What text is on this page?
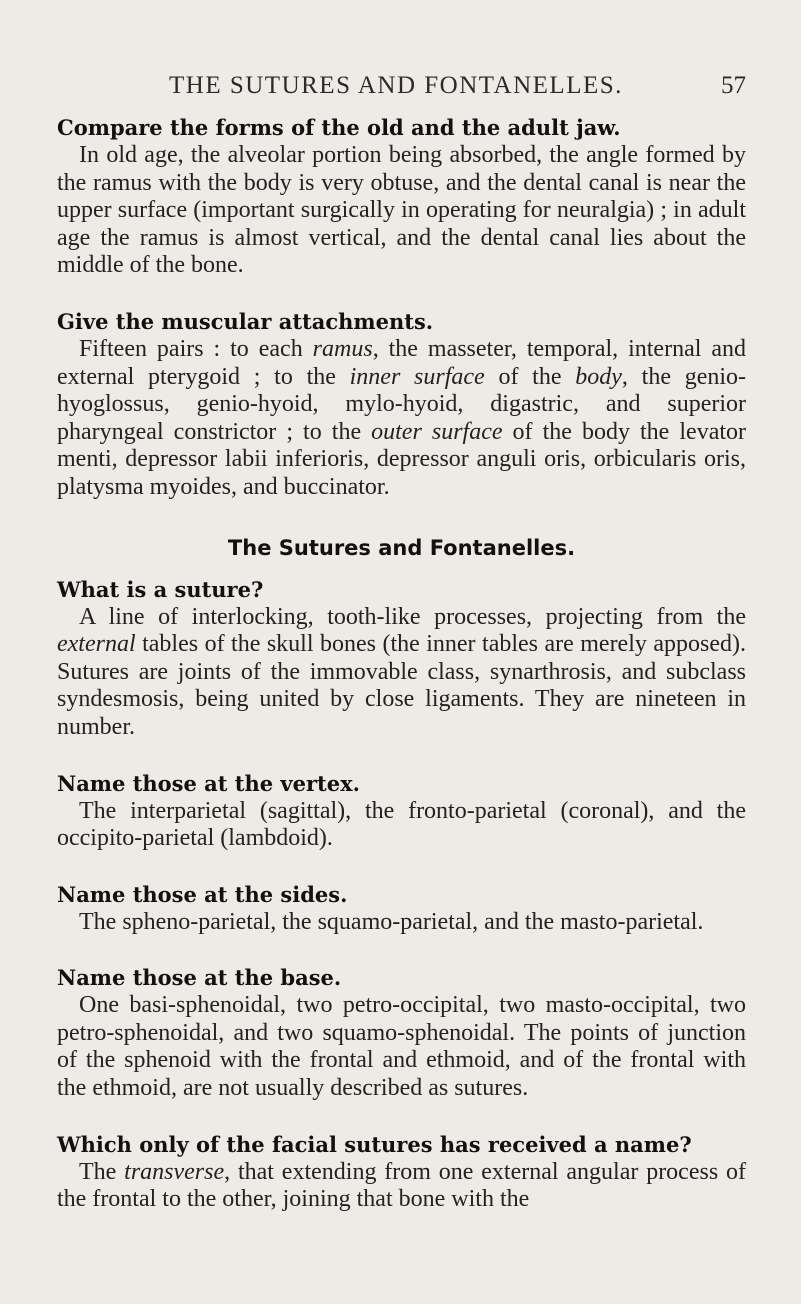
THE SUTURES AND FONTANELLES.	57

Compare the forms of the old and the adult jaw.

In old age, the alveolar portion being absorbed, the angle formed by the ramus with the body is very obtuse, and the dental canal is near the upper surface (important surgically in operating for neuralgia) ; in adult age the ramus is almost vertical, and the dental canal lies about the middle of the bone.

Give the muscular attachments.

Fifteen pairs : to each ramus, the masseter, temporal, internal and external pterygoid ; to the inner surface of the body, the genio-hyoglossus, genio-hyoid, mylo-hyoid, digastric, and superior pharyngeal constrictor ; to the outer surface of the body the levator menti, depressor labii inferioris, depressor anguli oris, orbicularis oris, platysma myoides, and buccinator.

The Sutures and Fontanelles.

What is a suture?

A line of interlocking, tooth-like processes, projecting from the external tables of the skull bones (the inner tables are merely apposed). Sutures are joints of the immovable class, synarthrosis, and subclass syndesmosis, being united by close ligaments. They are nineteen in number.

Name those at the vertex.

The interparietal (sagittal), the fronto-parietal (coronal), and the occipito-parietal (lambdoid).

Name those at the sides.

The spheno-parietal, the squamo-parietal, and the masto-parietal.

Name those at the base.

One basi-sphenoidal, two petro-occipital, two masto-occipital, two petro-sphenoidal, and two squamo-sphenoidal. The points of junction of the sphenoid with the frontal and ethmoid, and of the frontal with the ethmoid, are not usually described as sutures.

Which only of the facial sutures has received a name?

The transverse, that extending from one external angular process of the frontal to the other, joining that bone with the
